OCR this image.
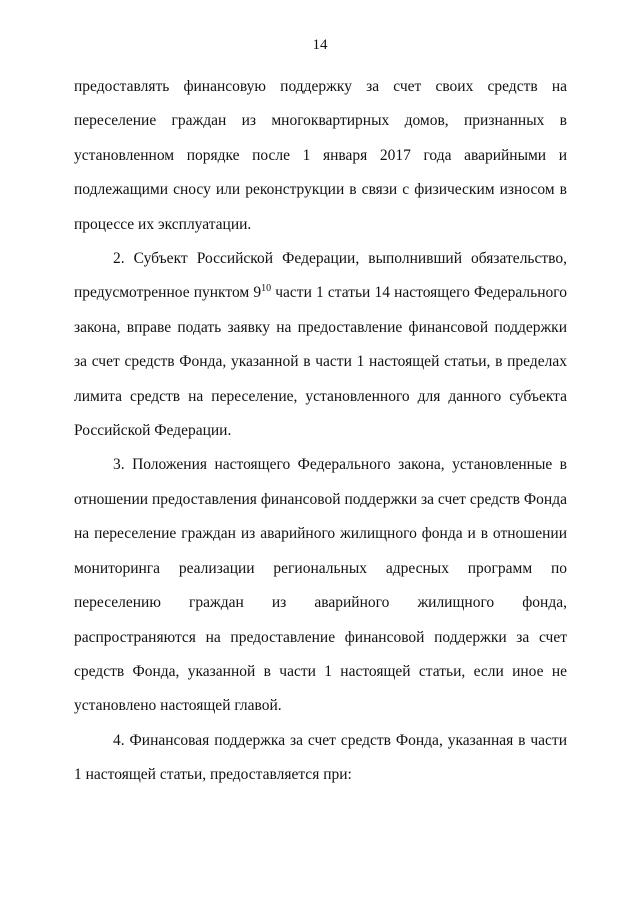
14

предоставлять финансовую поддержку за счет своих средств на переселение граждан из многоквартирных домов, признанных в установленном порядке после 1 января 2017 года аварийными и подлежащими сносу или реконструкции в связи с физическим износом в процессе их эксплуатации.

2. Субъект Российской Федерации, выполнивший обязательство, предусмотренное пунктом $9^{10}$ части 1 статьи 14 настоящего Федерального закона, вправе подать заявку на предоставление финансовой поддержки за счет средств Фонда, указанной в части 1 настоящей статьи, в пределах лимита средств на переселение, установленного для данного субъекта Российской Федерации.

3. Положения настоящего Федерального закона, установленные в отношении предоставления финансовой поддержки за счет средств Фонда на переселение граждан из аварийного жилищного фонда и в отношении мониторинга реализации региональных адресных программ по переселению граждан из аварийного жилищного фонда, распространяются на предоставление финансовой поддержки за счет средств Фонда, указанной в части 1 настоящей статьи, если иное не установлено настоящей главой.

4. Финансовая поддержка за счет средств Фонда, указанная в части 1 настоящей статьи, предоставляется при:
